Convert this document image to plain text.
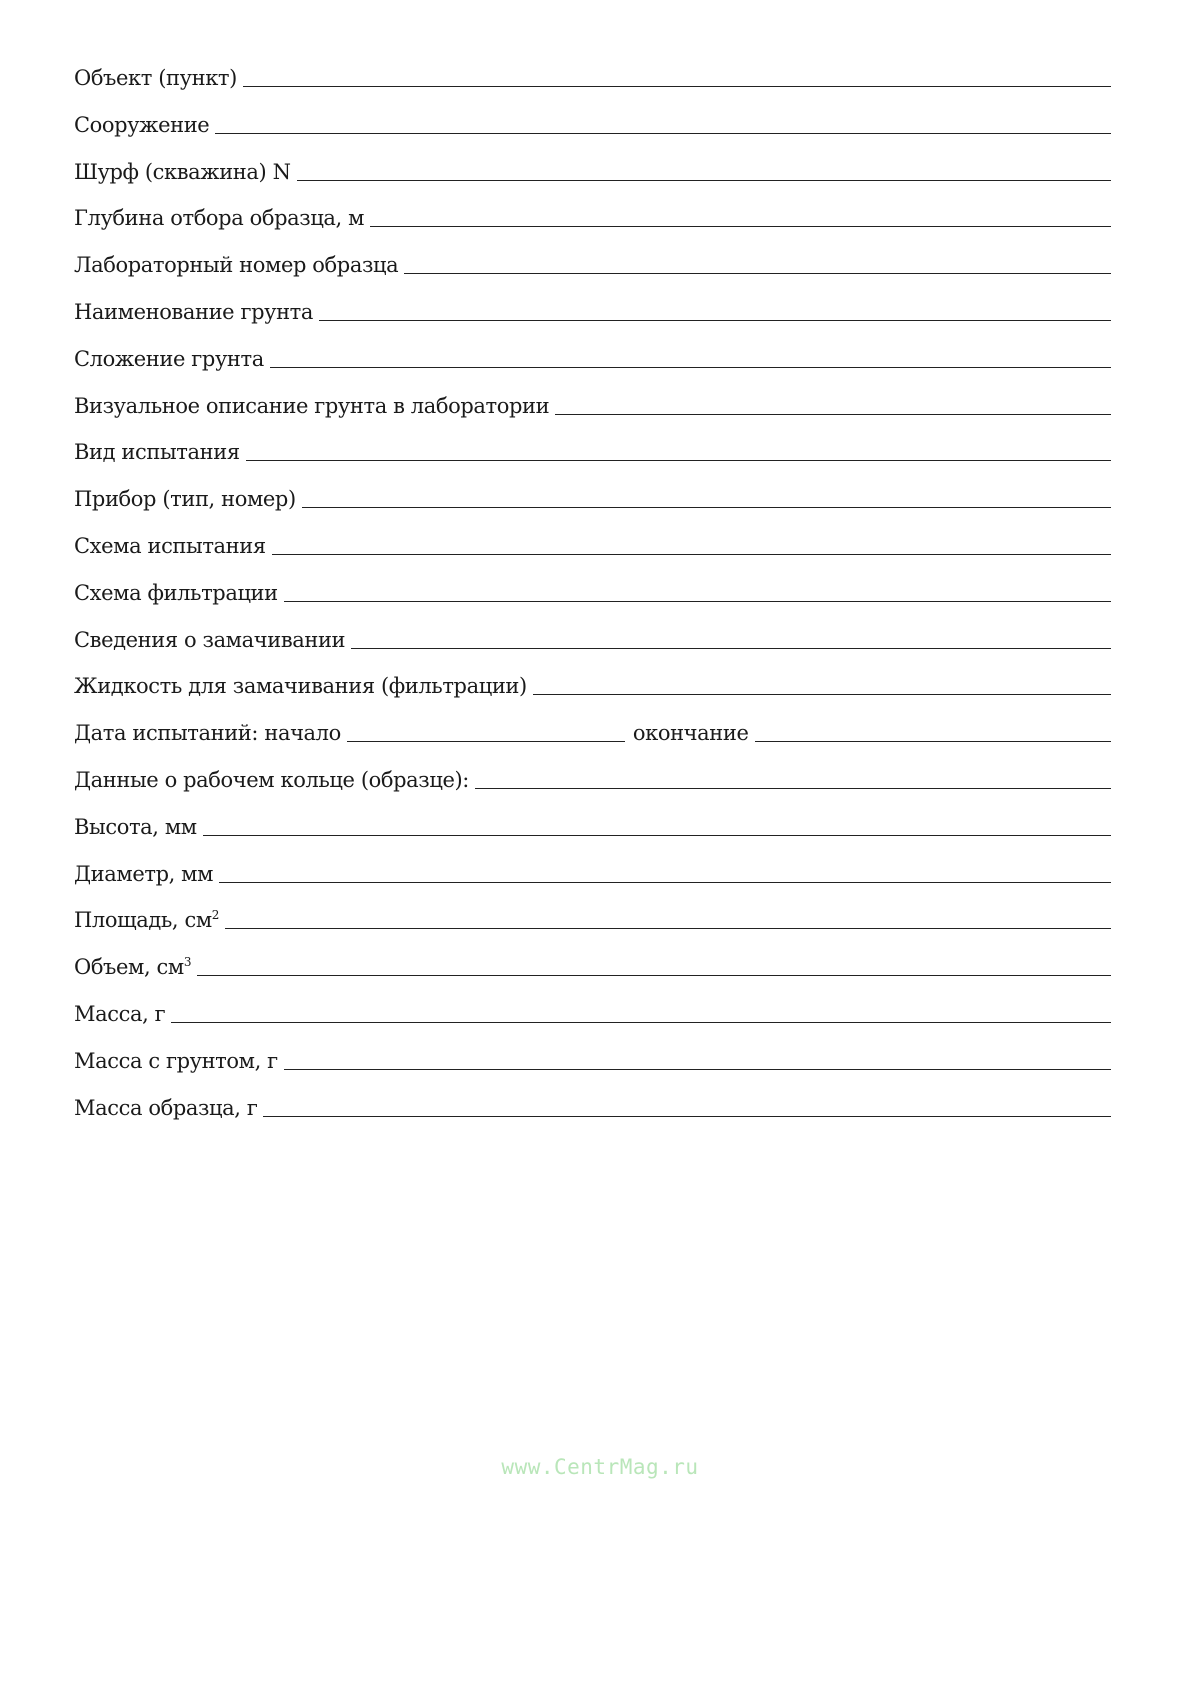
Объект (пункт)
Сооружение
Шурф (скважина) N
Глубина отбора образца, м
Лабораторный номер образца
Наименование грунта
Сложение грунта
Визуальное описание грунта в лаборатории
Вид испытания
Прибор (тип, номер)
Схема испытания
Схема фильтрации
Сведения о замачивании
Жидкость для замачивания (фильтрации)
Дата испытаний: начало	окончание
Данные о рабочем кольце (образце):
Высота, мм
Диаметр, мм
Площадь, $см^2$
Объем, $см^3$
Масса, г
Масса с грунтом, г
Масса образца, г
www.CentrMag.ru
